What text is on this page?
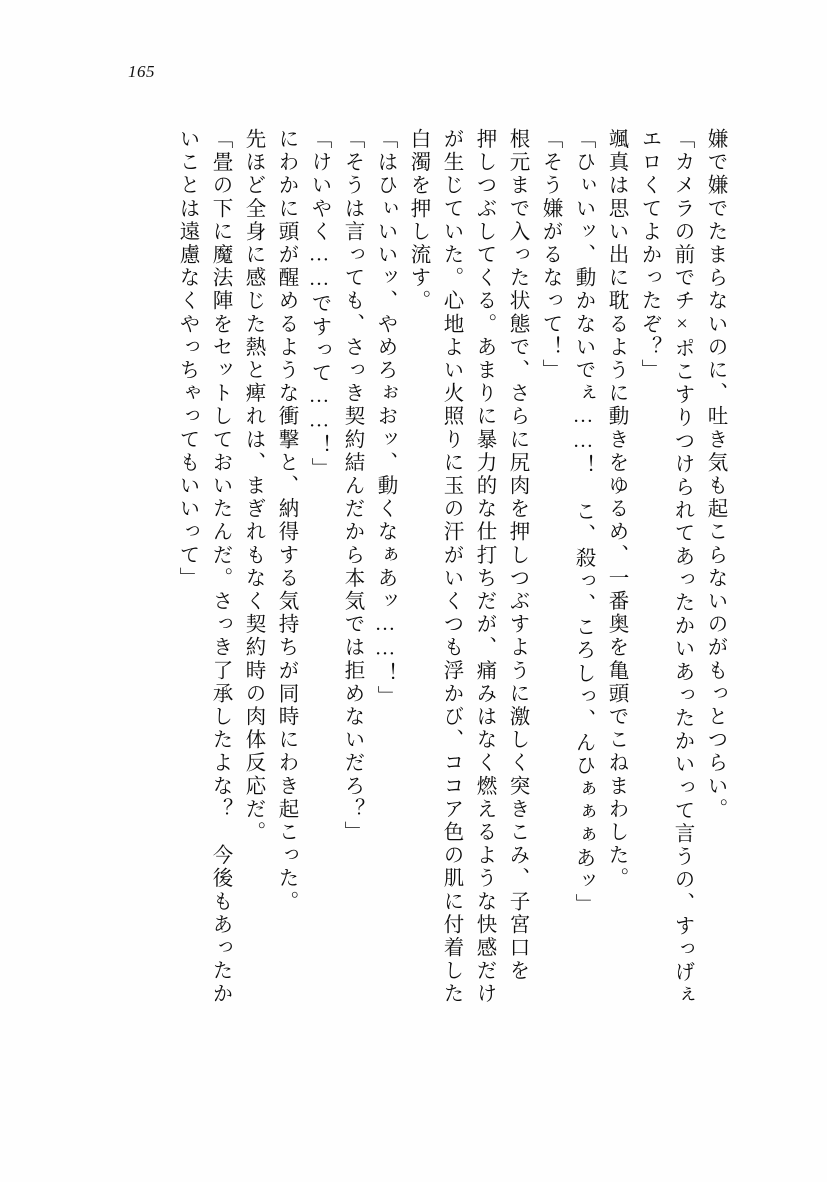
165
嫌で嫌でたまらないのに、吐き気も起こらないのがもっとつらい。
「カメラの前でチ×ポこすりつけられてあったかいあったかいって言うの、すっげぇ
エロくてよかったぞ？」
颯真は思い出に耽るように動きをゆるめ、一番奥を亀頭でこねまわした。
「ひぃいッ、動かないでぇ……！　こ、殺っ、ころしっ、んひぁぁぁあッ」
「そう嫌がるなって！」
根元まで入った状態で、さらに尻肉を押しつぶすように激しく突きこみ、子宮口を
押しつぶしてくる。あまりに暴力的な仕打ちだが、痛みはなく燃えるような快感だけ
が生じていた。心地よい火照りに玉の汗がいくつも浮かび、ココア色の肌に付着した
白濁を押し流す。
「はひぃいいッ、やめろぉおッ、動くなぁあッ……！」
「そうは言っても、さっき契約結んだから本気では拒めないだろ？」
「けいやく……ですって……！」
にわかに頭が醒めるような衝撃と、納得する気持ちが同時にわき起こった。
先ほど全身に感じた熱と痺れは、まぎれもなく契約時の肉体反応だ。
「畳の下に魔法陣をセットしておいたんだ。さっき了承したよな？　今後もあったか
いことは遠慮なくやっちゃってもいいって」
